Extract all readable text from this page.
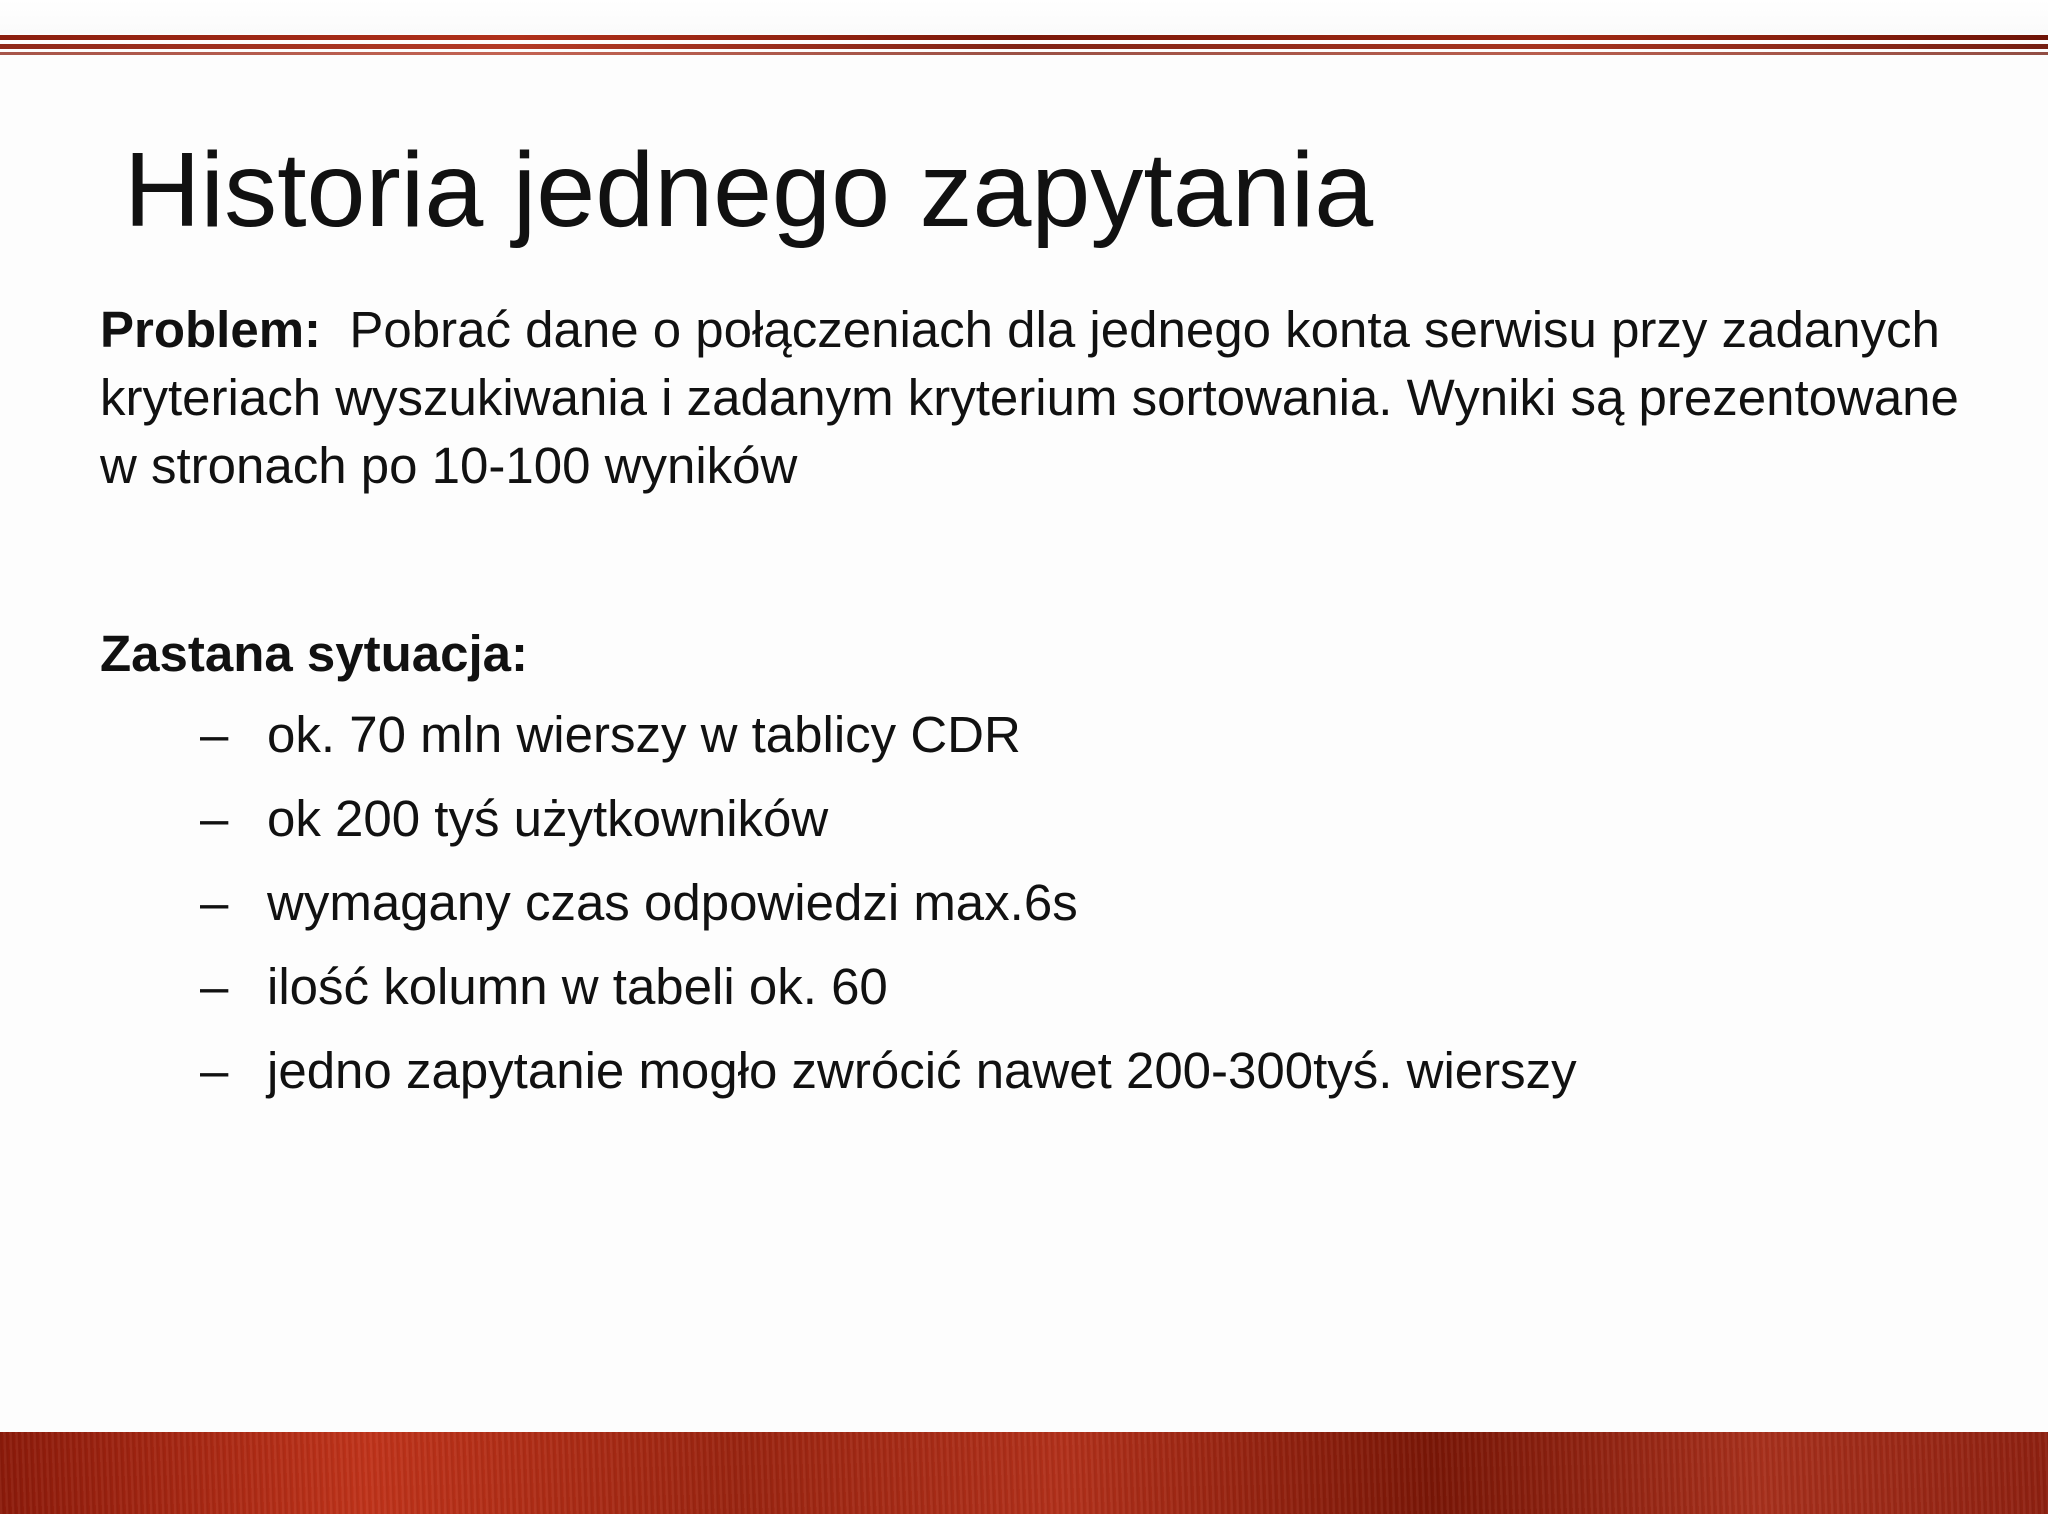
Historia jednego zapytania
Problem: Pobrać dane o połączeniach dla jednego konta serwisu przy zadanych kryteriach wyszukiwania i zadanym kryterium sortowania. Wyniki są prezentowane w stronach po 10-100 wyników
Zastana sytuacja:
– ok. 70 mln wierszy w tablicy CDR
– ok 200 tyś użytkowników
– wymagany czas odpowiedzi max.6s
– ilość kolumn w tabeli ok. 60
– jedno zapytanie mogło zwrócić nawet 200-300tyś. wierszy
